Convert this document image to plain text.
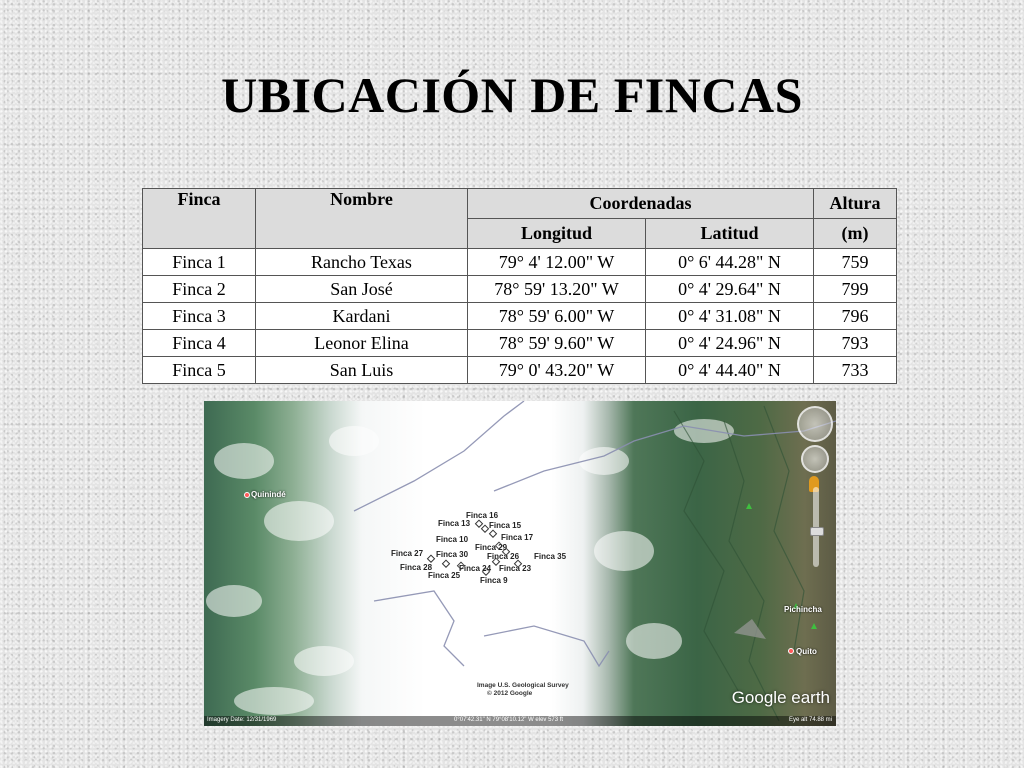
UBICACIÓN DE FINCAS
Finca	Nombre	Coordenadas		Altura
		Longitud	Latitud	(m)
Finca 1	Rancho Texas	79° 4' 12.00" W	0° 6' 44.28" N	759
Finca 2	San José	78° 59' 13.20" W	0° 4' 29.64" N	799
Finca 3	Kardani	78° 59' 6.00" W	0° 4' 31.08" N	796
Finca 4	Leonor Elina	78° 59' 9.60" W	0° 4' 24.96" N	793
Finca 5	San Luis	79° 0' 43.20" W	0° 4' 44.40" N	733
Finca 16
Finca 13 Finca 15
Finca 10	Finca 17
Finca 29
Finca 27 Finca 30 Finca 26 Finca 35
Finca 28	Finca 24 Finca 23
Finca 25
Finca 9
Quinindé
Pichincha
Quito
Image U.S. Geological Survey
© 2012 Google	Google earth
Imagery Date: 12/31/1969	0°07'42.31" N 79°08'10.12" W elev 573 ft	Eye alt 74.88 mi
